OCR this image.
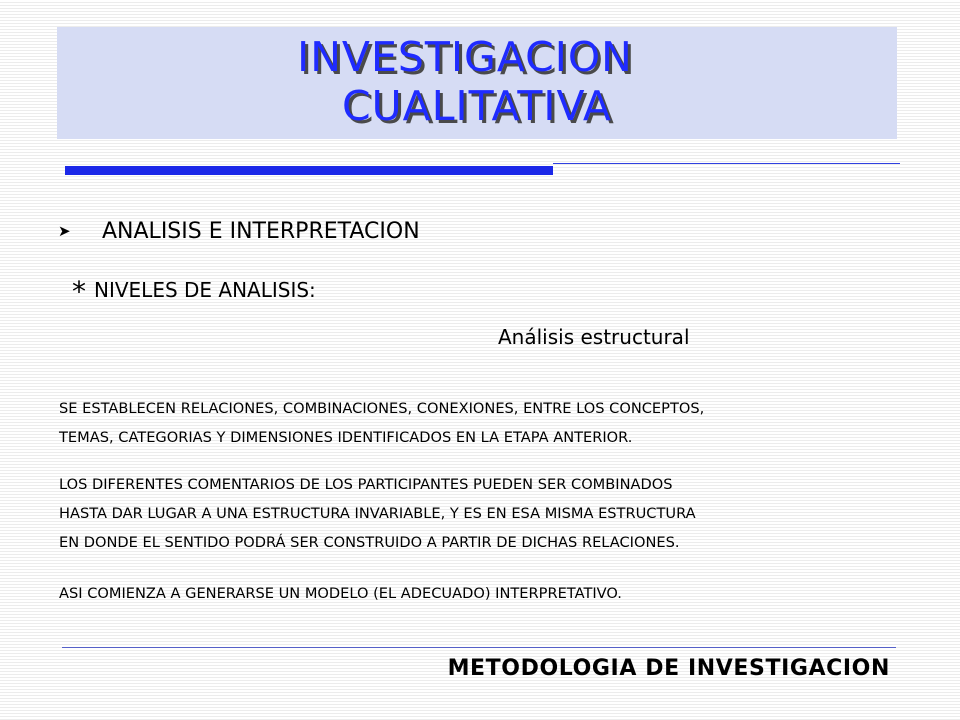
INVESTIGACION
CUALITATIVA
➤ ANALISIS E INTERPRETACION
* NIVELES DE ANALISIS:
Análisis estructural

SE ESTABLECEN RELACIONES, COMBINACIONES, CONEXIONES, ENTRE LOS CONCEPTOS,
TEMAS, CATEGORIAS Y DIMENSIONES IDENTIFICADOS EN LA ETAPA ANTERIOR.

LOS DIFERENTES COMENTARIOS DE LOS PARTICIPANTES PUEDEN SER COMBINADOS
HASTA DAR LUGAR A UNA ESTRUCTURA INVARIABLE, Y ES EN ESA MISMA ESTRUCTURA
EN DONDE EL SENTIDO PODRÁ SER CONSTRUIDO A PARTIR DE DICHAS RELACIONES.

ASI COMIENZA A GENERARSE UN MODELO (EL ADECUADO) INTERPRETATIVO.

METODOLOGIA DE INVESTIGACION
